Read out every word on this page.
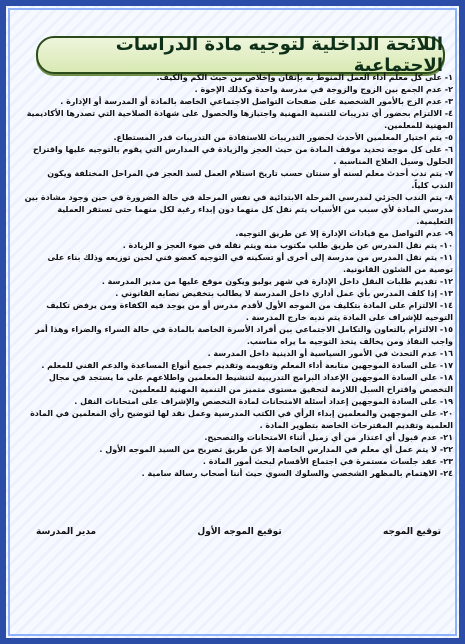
اللائحة الداخلية لتوجيه مادة الدراسات الاجتماعية

١- على كل معلم أداء العمل المنوط به بإتقان وإخلاص من حيث الكم والكيف.

٢- عدم الجمع بين الزوج والزوجة في مدرسة واحدة وكذلك الإخوة .

٣- عدم الزج بالأمور الشخصية على صفحات التواصل الاجتماعي الخاصة بالمادة أو المدرسة أو الإدارة .

٤- الالتزام بحضور أي تدريبات للتنمية المهنية واجتيازها والحصول على شهادة الصلاحية التي تصدرها الأكاديمية المهنية للمعلمين.

٥- يتم اختيار المعلمين الأحدث لحضور التدريبات للاستفادة من التدريبات قدر المستطاع.

٦- على كل موجه تحديد موقف المادة من حيث العجز والزيادة في المدارس التي يقوم بالتوجيه عليها واقتراح الحلول وسبل العلاج المناسبة .

٧- يتم ندب أحدث معلم لسنه أو سنتان حسب تاريخ استلام العمل لسد العجز في المراحل المختلفة ويكون الندب كلياً.

٨- يتم الندب الجزئي لمدرسي المرحلة الابتدائية في نفس المرحلة في حالة الضرورة في حين وجود مشادة بين مدرسي المادة لأي سبب من الأسباب يتم نقل كل منهما دون إبداء رغبة لكل منهما حتى تستقر العملية التعليمية.

٩- عدم التواصل مع قيادات الإدارة إلا عن طريق التوجيه.

١٠- يتم نقل المدرس عن طريق طلب مكتوب منه ويتم نقله في ضوء العجز و الزيادة .

١١- يتم نقل المدرس من مدرسة إلى أخرى أو تسكينه في التوجيه كعضو فني لحين توزيعه وذلك بناء على توصية من الشئون القانونية.

١٢- تقديم طلبات النقل داخل الإدارة في شهر يوليو ويكون موقع عليها من مدير المدرسة .

١٣- إذا كلف المدرس بأي عمل أداري داخل المدرسة لا يطالب بتخفيض نصابه القانوني .

١٤- الالتزام على المادة بتكليف من الموجه الأول لأقدم مدرس أو من يوجد فيه الكفاءة ومن يرفض تكليف التوجيه للإشراف على المادة يتم ندبه خارج المدرسة .

١٥- الالتزام بالتعاون والتكامل الاجتماعي بين أفراد الأسرة الخاصة بالمادة في حالة السراء والضراء وهذا أمر واجب النفاذ ومن يخالف يتخذ التوجيه ما يراه مناسب.

١٦- عدم التحدث في الأمور السياسية أو الدينية داخل المدرسة .

١٧- على السادة الموجهين متابعة أداء المعلم وتقويمه وتقديم جميع أنواع المساعدة والدعم الفني للمعلم .

١٨- على السادة الموجهين الإعداد البرامج التدريبية لتنشيط المعلمين واطلاعهم على ما يستجد في مجال التخصص واقتراح السبل اللازمة لتحقيق مستوى متميز من التنمية المهنية للمعلمين.

١٩- على السادة الموجهين إعداد أسئلة الامتحانات لمادة التخصص والإشراف على امتحانات النقل .

٢٠- على الموجهين والمعلمين إبداء الرأي في الكتب المدرسية وعمل نقد لها لتوضيح رأي المعلمين في المادة العلمية وتقديم المقترحات الخاصة بتطوير المادة .

٢١- عدم قبول أي اعتذار من أي زميل أثناء الامتحانات والتصحيح.

٢٢- لا يتم عمل أي معلم في المدارس الخاصة إلا عن طريق تصريح من السيد الموجه الأول .

٢٣- عقد جلسات مستمرة في اجتماع الأقسام لبحث أمور المادة .

٢٤- الاهتمام بالمظهر الشخصي والسلوك السوي حيث أننا أصحاب رسالة سامية .

توقيع الموجه
توقيع الموجه الأول
مدير المدرسة
